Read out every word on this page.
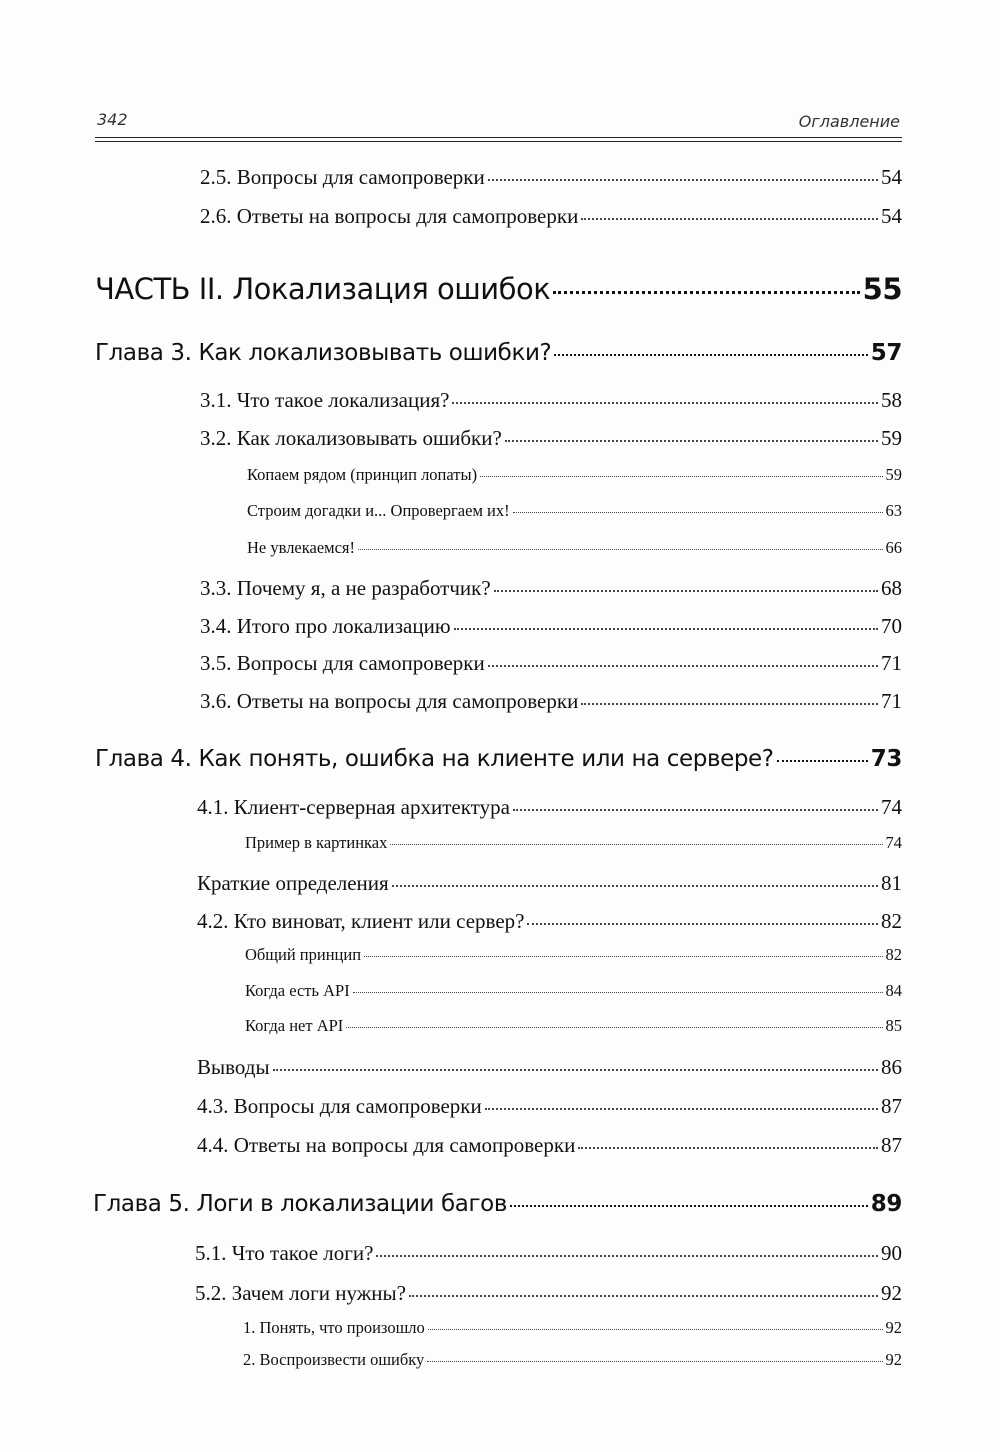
342	Оглавление
2.5. Вопросы для самопроверки	54
2.6. Ответы на вопросы для самопроверки	54
ЧАСТЬ II. Локализация ошибок	55
Глава 3. Как локализовывать ошибки?	57
3.1. Что такое локализация?	58
3.2. Как локализовывать ошибки?	59
Копаем рядом (принцип лопаты)	59
Строим догадки и... Опровергаем их!	63
Не увлекаемся!	66
3.3. Почему я, а не разработчик?	68
3.4. Итого про локализацию	70
3.5. Вопросы для самопроверки	71
3.6. Ответы на вопросы для самопроверки	71
Глава 4. Как понять, ошибка на клиенте или на сервере?	73
4.1. Клиент-серверная архитектура	74
Пример в картинках	74
Краткие определения	81
4.2. Кто виноват, клиент или сервер?	82
Общий принцип	82
Когда есть API	84
Когда нет API	85
Выводы	86
4.3. Вопросы для самопроверки	87
4.4. Ответы на вопросы для самопроверки	87
Глава 5. Логи в локализации багов	89
5.1. Что такое логи?	90
5.2. Зачем логи нужны?	92
1. Понять, что произошло	92
2. Воспроизвести ошибку	92
